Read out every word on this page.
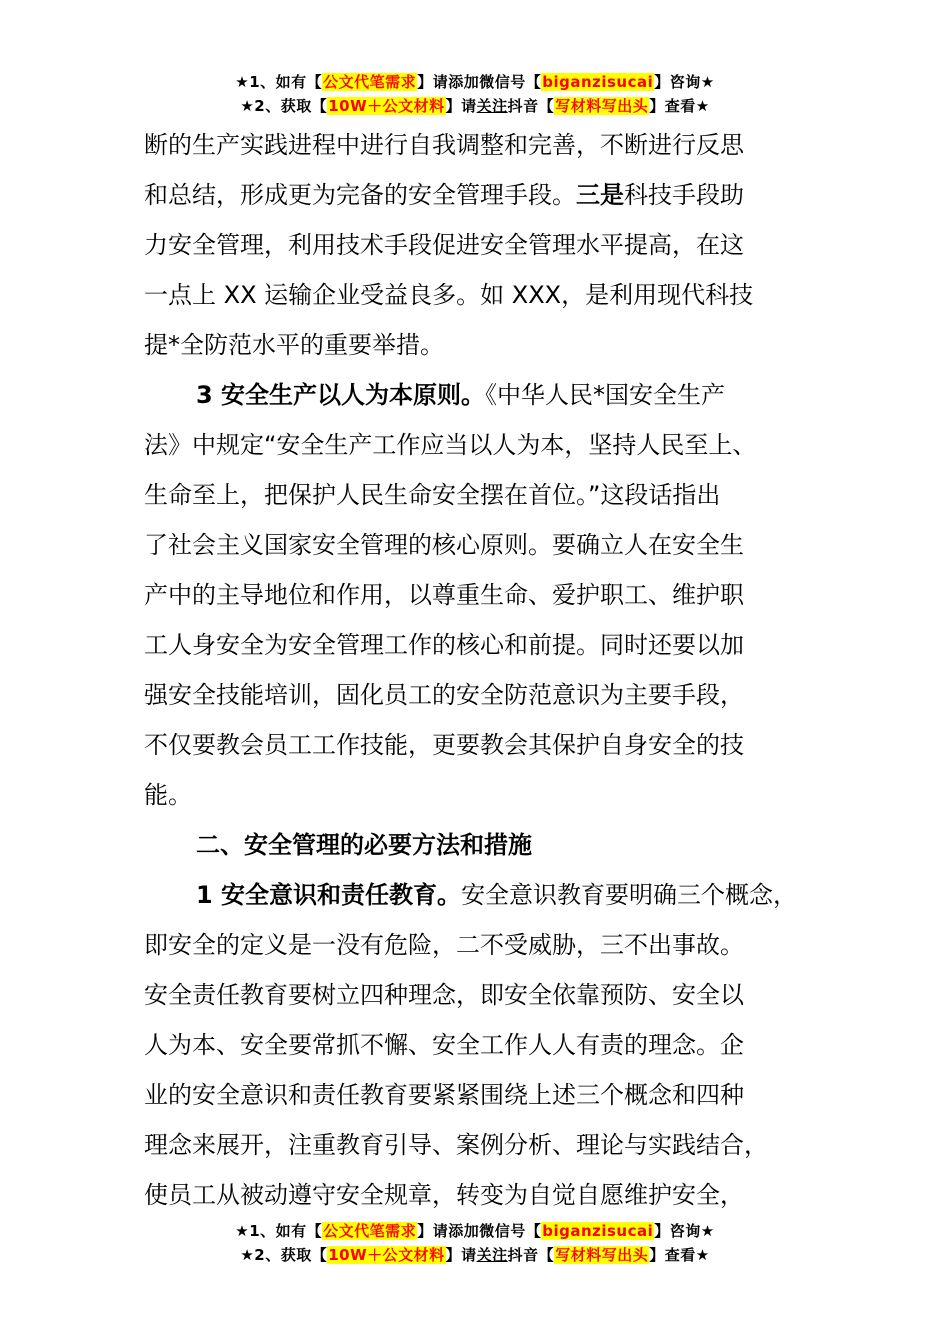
★1、如有【公文代笔需求】请添加微信号【biganzisucai】咨询★
★2、获取【10W＋公文材料】请关注抖音【写材料写出头】查看★
断的生产实践进程中进行自我调整和完善，不断进行反思
和总结，形成更为完备的安全管理手段。三是科技手段助
力安全管理，利用技术手段促进安全管理水平提高，在这
一点上 XX 运输企业受益良多。如 XXX，是利用现代科技
提*全防范水平的重要举措。
3 安全生产以人为本原则。《中华人民*国安全生产
法》中规定“安全生产工作应当以人为本，坚持人民至上、
生命至上，把保护人民生命安全摆在首位。”这段话指出
了社会主义国家安全管理的核心原则。要确立人在安全生
产中的主导地位和作用，以尊重生命、爱护职工、维护职
工人身安全为安全管理工作的核心和前提。同时还要以加
强安全技能培训，固化员工的安全防范意识为主要手段，
不仅要教会员工工作技能，更要教会其保护自身安全的技
能。
二、安全管理的必要方法和措施
1 安全意识和责任教育。安全意识教育要明确三个概念，
即安全的定义是一没有危险，二不受威胁，三不出事故。
安全责任教育要树立四种理念，即安全依靠预防、安全以
人为本、安全要常抓不懈、安全工作人人有责的理念。企
业的安全意识和责任教育要紧紧围绕上述三个概念和四种
理念来展开，注重教育引导、案例分析、理论与实践结合，
使员工从被动遵守安全规章，转变为自觉自愿维护安全，
★1、如有【公文代笔需求】请添加微信号【biganzisucai】咨询★
★2、获取【10W＋公文材料】请关注抖音【写材料写出头】查看★
